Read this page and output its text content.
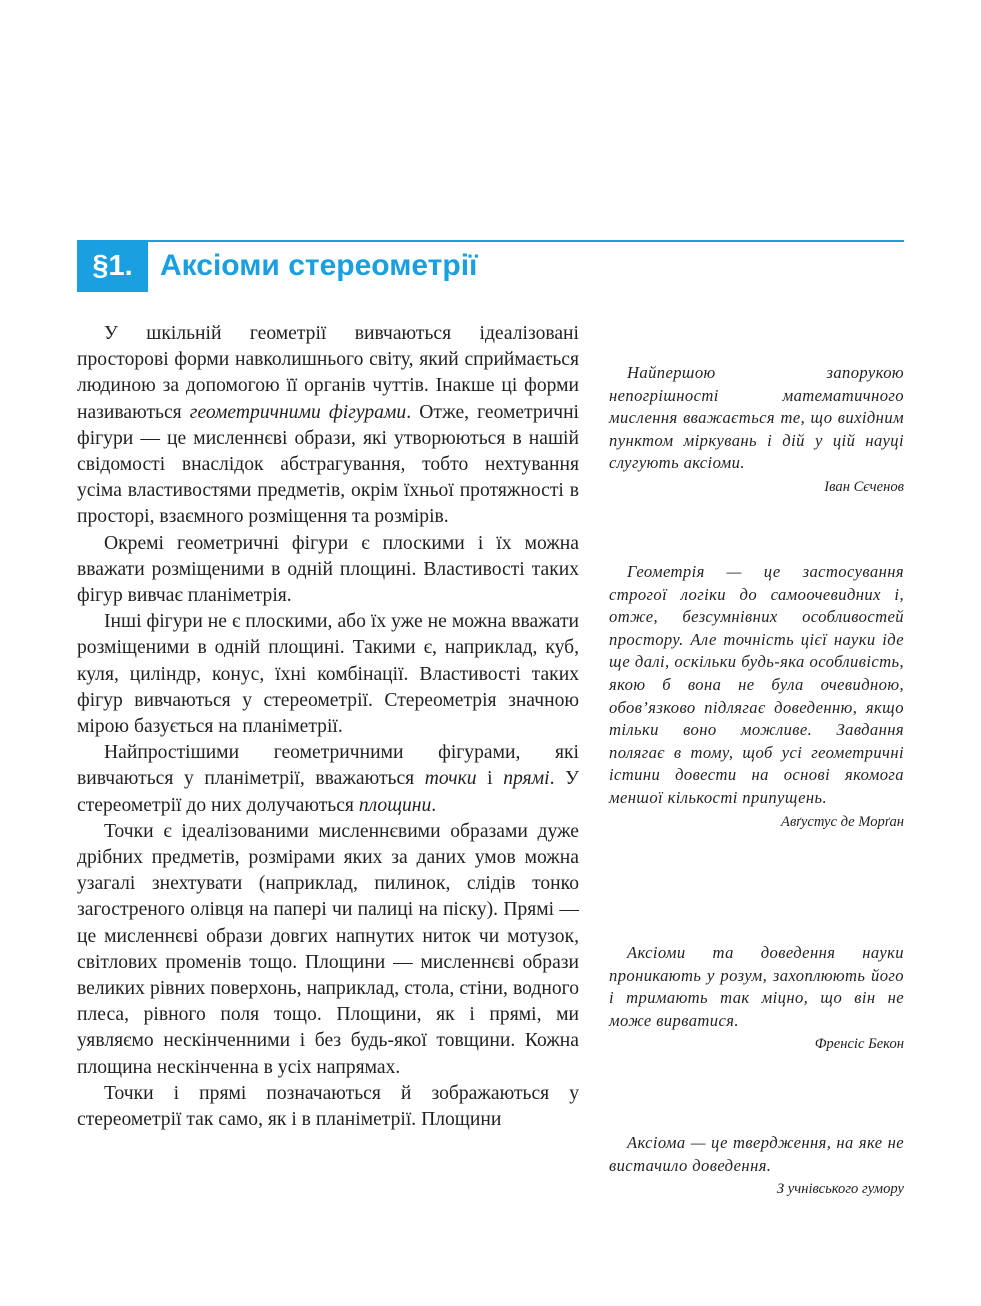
§1. Аксіоми стереометрії

У шкільній геометрії вивчаються ідеалізовані просторові форми навколишнього світу, який сприймається людиною за допомогою її органів чуттів. Інакше ці форми називаються геометричними фігурами. Отже, геометричні фігури — це мисленнєві образи, які утворюються в нашій свідомості внаслідок абстрагування, тобто нехтування усіма властивостями предметів, окрім їхньої протяжності в просторі, взаємного розміщення та розмірів.

Окремі геометричні фігури є плоскими і їх можна вважати розміщеними в одній площині. Властивості таких фігур вивчає планіметрія.

Інші фігури не є плоскими, або їх уже не можна вважати розміщеними в одній площині. Такими є, наприклад, куб, куля, циліндр, конус, їхні комбінації. Властивості таких фігур вивчаються у стереометрії. Стереометрія значною мірою базується на планіметрії.

Найпростішими геометричними фігурами, які вивчаються у планіметрії, вважаються точки і прямі. У стереометрії до них долучаються площини.

Точки є ідеалізованими мисленнєвими образами дуже дрібних предметів, розмірами яких за даних умов можна узагалі знехтувати (наприклад, пилинок, слідів тонко загостреного олівця на папері чи палиці на піску). Прямі — це мисленнєві образи довгих напнутих ниток чи мотузок, світлових променів тощо. Площини — мисленнєві образи великих рівних поверхонь, наприклад, стола, стіни, водного плеса, рівного поля тощо. Площини, як і прямі, ми уявляємо нескінченними і без будь-якої товщини. Кожна площина нескінченна в усіх напрямах.

Точки і прямі позначаються й зображаються у стереометрії так само, як і в планіметрії. Площини

Найпершою запорукою непогрішності математичного мислення вважається те, що вихідним пунктом міркувань і дій у цій науці слугують аксіоми.

Іван Сєченов

Геометрія — це застосування строгої логіки до самоочевидних і, отже, безсумнівних особливостей простору. Але точність цієї науки іде ще далі, оскільки будь-яка особливість, якою б вона не була очевидною, обов’язково підлягає доведенню, якщо тільки воно можливе. Завдання полягає в тому, щоб усі геометричні істини довести на основі якомога меншої кількості припущень.

Авґустус де Морґан

Аксіоми та доведення науки проникають у розум, захоплюють його і тримають так міцно, що він не може вирватися.

Френсіс Бекон

Аксіома — це твердження, на яке не вистачило доведення.

З учнівського гумору
